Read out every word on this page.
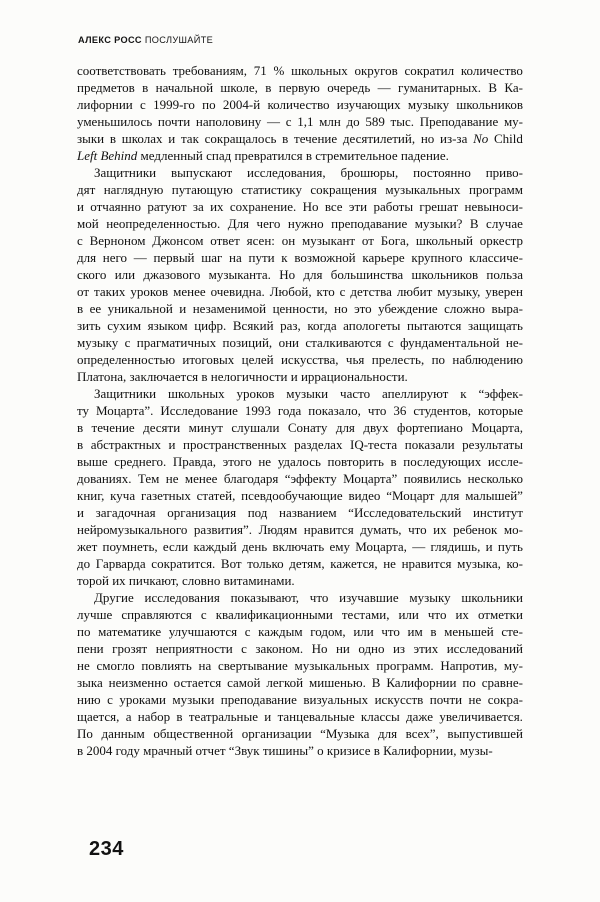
АЛЕКС РОСС ПОСЛУШАЙТЕ

соответствовать требованиям, 71 % школьных округов сократил количество
предметов в начальной школе, в первую очередь — гуманитарных. В Ка-
лифорнии с 1999-го по 2004-й количество изучающих музыку школьников
уменьшилось почти наполовину — с 1,1 млн до 589 тыс. Преподавание му-
зыки в школах и так сокращалось в течение десятилетий, но из-за No Child
Left Behind медленный спад превратился в стремительное падение.

Защитники выпускают исследования, брошюры, постоянно приво-
дят наглядную путающую статистику сокращения музыкальных программ
и отчаянно ратуют за их сохранение. Но все эти работы грешат невыноси-
мой неопределенностью. Для чего нужно преподавание музыки? В случае
с Верноном Джонсом ответ ясен: он музыкант от Бога, школьный оркестр
для него — первый шаг на пути к возможной карьере крупного классиче-
ского или джазового музыканта. Но для большинства школьников польза
от таких уроков менее очевидна. Любой, кто с детства любит музыку, уверен
в ее уникальной и незаменимой ценности, но это убеждение сложно выра-
зить сухим языком цифр. Всякий раз, когда апологеты пытаются защищать
музыку с прагматичных позиций, они сталкиваются с фундаментальной не-
определенностью итоговых целей искусства, чья прелесть, по наблюдению
Платона, заключается в нелогичности и иррациональности.

Защитники школьных уроков музыки часто апеллируют к “эффек-
ту Моцарта”. Исследование 1993 года показало, что 36 студентов, которые
в течение десяти минут слушали Сонату для двух фортепиано Моцарта,
в абстрактных и пространственных разделах IQ-теста показали результаты
выше среднего. Правда, этого не удалось повторить в последующих иссле-
дованиях. Тем не менее благодаря “эффекту Моцарта” появились несколько
книг, куча газетных статей, псевдообучающие видео “Моцарт для малышей”
и загадочная организация под названием “Исследовательский институт
нейромузыкального развития”. Людям нравится думать, что их ребенок мо-
жет поумнеть, если каждый день включать ему Моцарта, — глядишь, и путь
до Гарварда сократится. Вот только детям, кажется, не нравится музыка, ко-
торой их пичкают, словно витаминами.

Другие исследования показывают, что изучавшие музыку школьники
лучше справляются с квалификационными тестами, или что их отметки
по математике улучшаются с каждым годом, или что им в меньшей сте-
пени грозят неприятности с законом. Но ни одно из этих исследований
не смогло повлиять на свертывание музыкальных программ. Напротив, му-
зыка неизменно остается самой легкой мишенью. В Калифорнии по сравне-
нию с уроками музыки преподавание визуальных искусств почти не сокра-
щается, а набор в театральные и танцевальные классы даже увеличивается.
По данным общественной организации “Музыка для всех”, выпустившей
в 2004 году мрачный отчет “Звук тишины” о кризисе в Калифорнии, музы-

234
